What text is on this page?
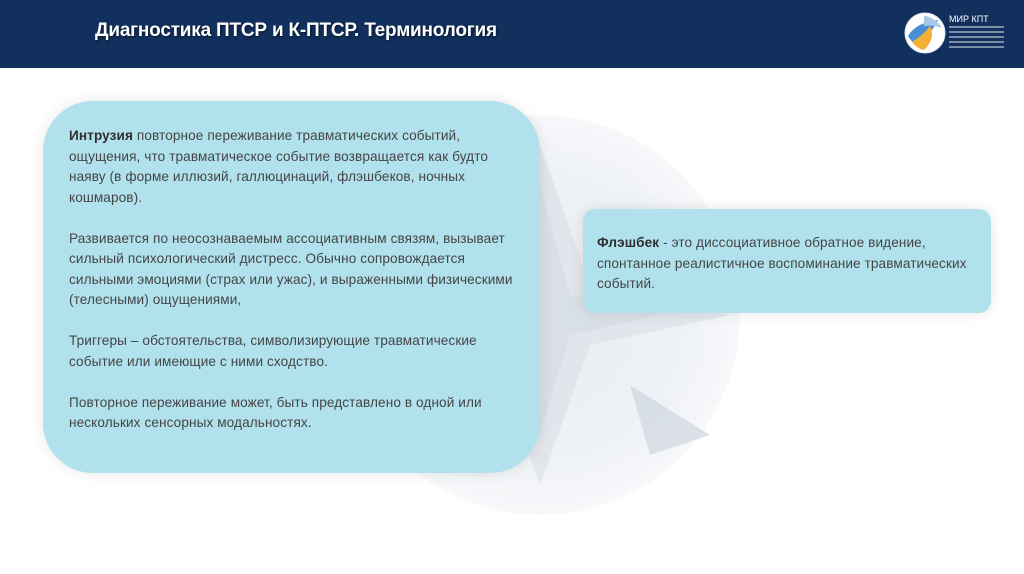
Диагностика ПТСР и К-ПТСР. Терминология
МИР КПТ

Интрузия повторное переживание травматических событий, ощущения, что травматическое событие возвращается как будто наяву (в форме иллюзий, галлюцинаций, флэшбеков, ночных кошмаров).

Развивается по неосознаваемым ассоциативным связям, вызывает сильный психологический дистресс. Обычно сопровождается сильными эмоциями (страх или ужас), и выраженными физическими (телесными) ощущениями,

Триггеры – обстоятельства, символизирующие травматические событие или имеющие с ними сходство.

Повторное переживание может, быть представлено в одной или нескольких сенсорных модальностях.

Флэшбек - это диссоциативное обратное видение, спонтанное реалистичное воспоминание травматических событий.
